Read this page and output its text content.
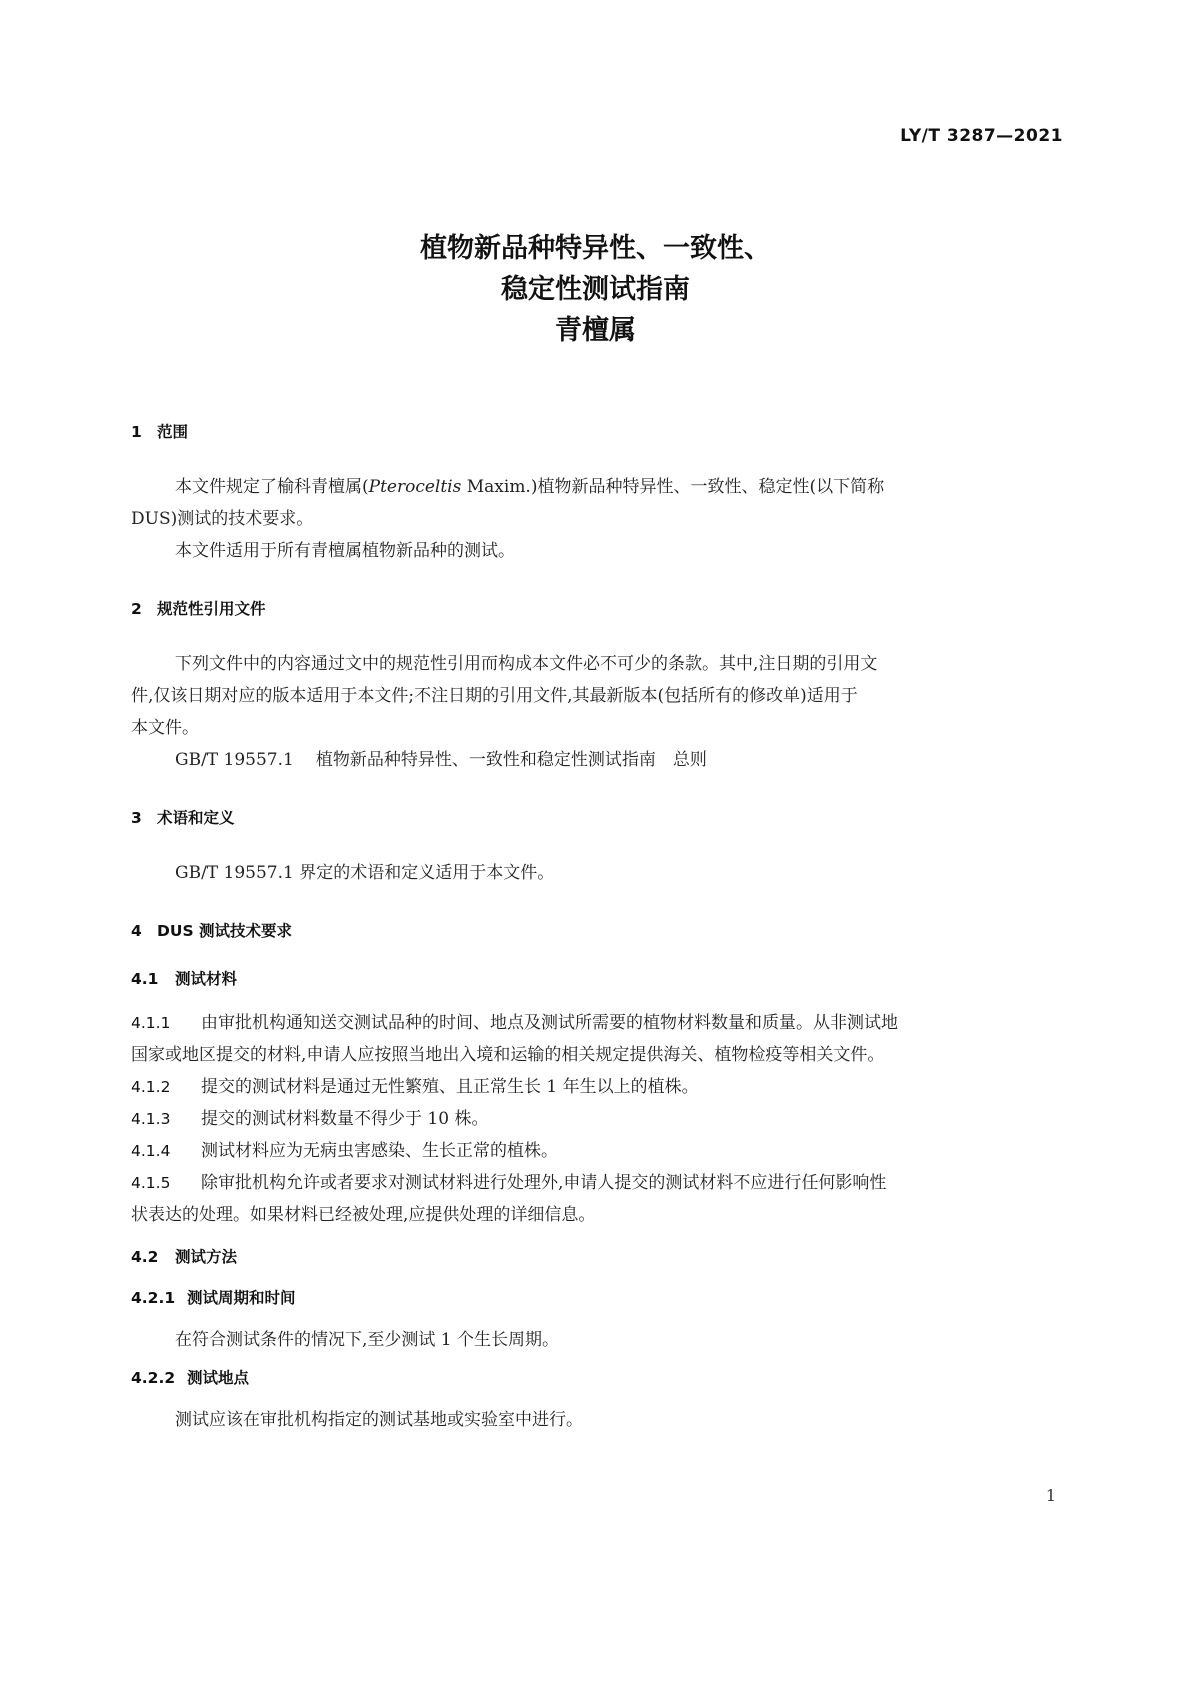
LY/T 3287—2021
植物新品种特异性、一致性、
稳定性测试指南
青檀属
1 范围
本文件规定了榆科青檀属(Pteroceltis Maxim.)植物新品种特异性、一致性、稳定性(以下简称
DUS)测试的技术要求。
本文件适用于所有青檀属植物新品种的测试。
2 规范性引用文件
下列文件中的内容通过文中的规范性引用而构成本文件必不可少的条款。其中,注日期的引用文
件,仅该日期对应的版本适用于本文件;不注日期的引用文件,其最新版本(包括所有的修改单)适用于
本文件。
GB/T 19557.1 植物新品种特异性、一致性和稳定性测试指南　总则
3 术语和定义
GB/T 19557.1 界定的术语和定义适用于本文件。
4 DUS 测试技术要求
4.1 测试材料
4.1.1 由审批机构通知送交测试品种的时间、地点及测试所需要的植物材料数量和质量。从非测试地
国家或地区提交的材料,申请人应按照当地出入境和运输的相关规定提供海关、植物检疫等相关文件。
4.1.2 提交的测试材料是通过无性繁殖、且正常生长 1 年生以上的植株。
4.1.3 提交的测试材料数量不得少于 10 株。
4.1.4 测试材料应为无病虫害感染、生长正常的植株。
4.1.5 除审批机构允许或者要求对测试材料进行处理外,申请人提交的测试材料不应进行任何影响性
状表达的处理。如果材料已经被处理,应提供处理的详细信息。
4.2 测试方法
4.2.1 测试周期和时间
在符合测试条件的情况下,至少测试 1 个生长周期。
4.2.2 测试地点
测试应该在审批机构指定的测试基地或实验室中进行。
1
